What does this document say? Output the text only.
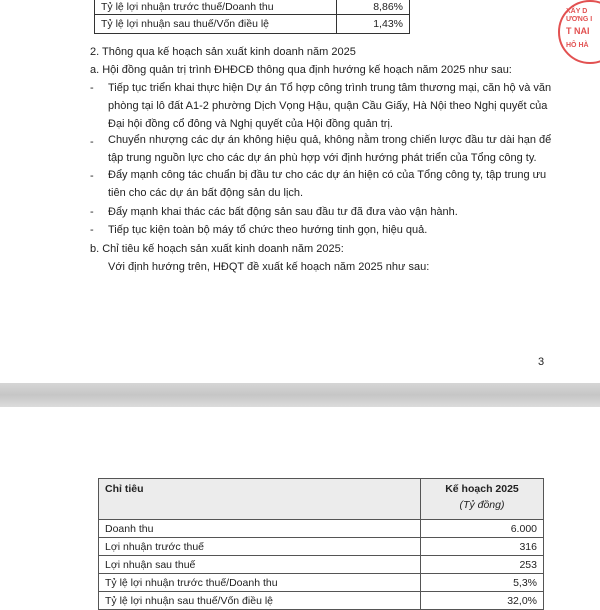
Tỷ lệ lợi nhuận trước thuế/Doanh thu	8,86%
Tỷ lệ lợi nhuận sau thuế/Vốn điều lệ	1,43%
XÂY D
ƯƠNG I
T NAI
HÔ HÀ
2. Thông qua kế hoạch sản xuất kinh doanh năm 2025
a. Hội đồng quản trị trình ĐHĐCĐ thông qua định hướng kế hoạch năm 2025 như sau:
- Tiếp tục triển khai thực hiện Dự án Tổ hợp công trình trung tâm thương mại, căn hộ và văn
phòng tại lô đất A1-2 phường Dịch Vọng Hậu, quận Cầu Giấy, Hà Nội theo Nghị quyết của
Đại hội đồng cổ đông và Nghị quyết của Hội đồng quản trị.
- Chuyển nhượng các dự án không hiệu quả, không nằm trong chiến lược đầu tư dài hạn để
tập trung nguồn lực cho các dự án phù hợp với định hướng phát triển của Tổng công ty.
- Đẩy mạnh công tác chuẩn bị đầu tư cho các dự án hiện có của Tổng công ty, tập trung ưu
tiên cho các dự án bất động sản du lịch.
- Đẩy mạnh khai thác các bất động sản sau đầu tư đã đưa vào vận hành.
- Tiếp tục kiện toàn bộ máy tổ chức theo hướng tinh gọn, hiệu quả.
b. Chỉ tiêu kế hoạch sản xuất kinh doanh năm 2025:
Với định hướng trên, HĐQT đề xuất kế hoạch năm 2025 như sau:
3
Chỉ tiêu	Kế hoạch 2025
(Tỷ đồng)

Doanh thu	6.000
Lợi nhuận trước thuế	316
Lợi nhuận sau thuế	253
Tỷ lệ lợi nhuận trước thuế/Doanh thu	5,3%
Tỷ lệ lợi nhuận sau thuế/Vốn điều lệ	32,0%
